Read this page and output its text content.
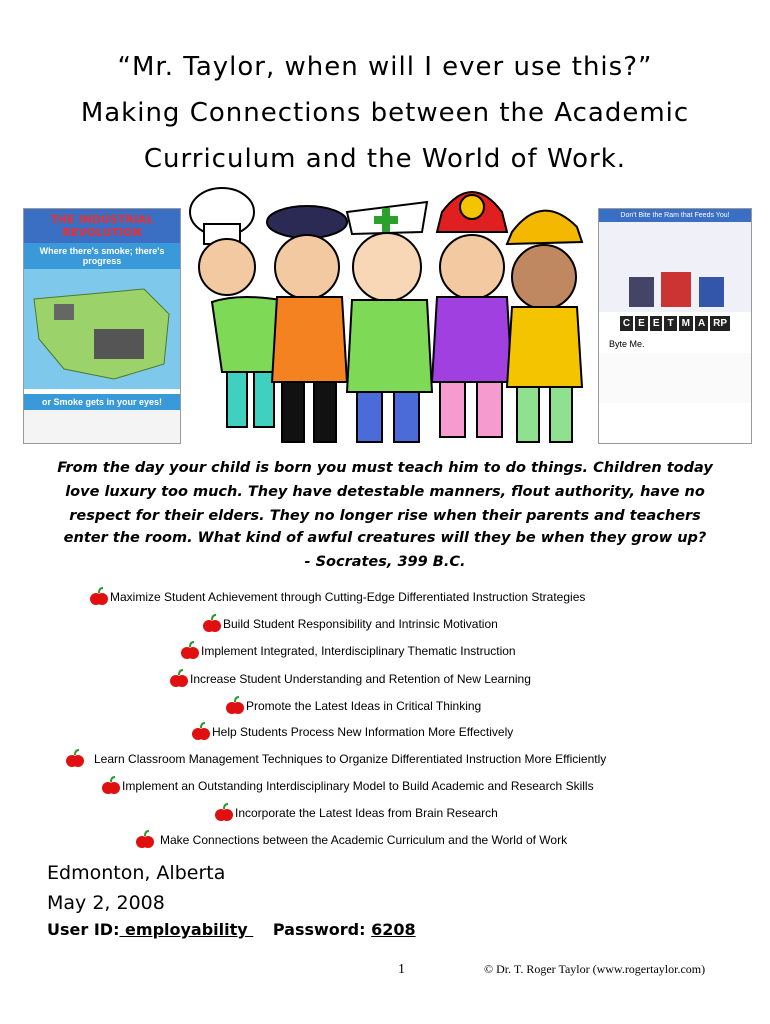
“Mr. Taylor, when will I ever use this?”
Making Connections between the Academic
Curriculum and the World of Work.
THE INDUSTRIAL REVOLUTION
Where there's smoke; there's progress
or Smoke gets in your eyes!
Don't Bite the Ram that Feeds You!
C E E T M A RP
Byte Me.
From the day your child is born you must teach him to do things. Children today
love luxury too much. They have detestable manners, flout authority, have no
respect for their elders. They no longer rise when their parents and teachers
enter the room. What kind of awful creatures will they be when they grow up?
- Socrates, 399 B.C.
Maximize Student Achievement through Cutting-Edge Differentiated Instruction Strategies
Build Student Responsibility and Intrinsic Motivation
Implement Integrated, Interdisciplinary Thematic Instruction
Increase Student Understanding and Retention of New Learning
Promote the Latest Ideas in Critical Thinking
Help Students Process New Information More Effectively
Learn Classroom Management Techniques to Organize Differentiated Instruction More Efficiently
Implement an Outstanding Interdisciplinary Model to Build Academic and Research Skills
Incorporate the Latest Ideas from Brain Research
Make Connections between the Academic Curriculum and the World of Work
Edmonton, Alberta
May 2, 2008
User ID: employability  Password: 6208
1	© Dr. T. Roger Taylor (www.rogertaylor.com)
